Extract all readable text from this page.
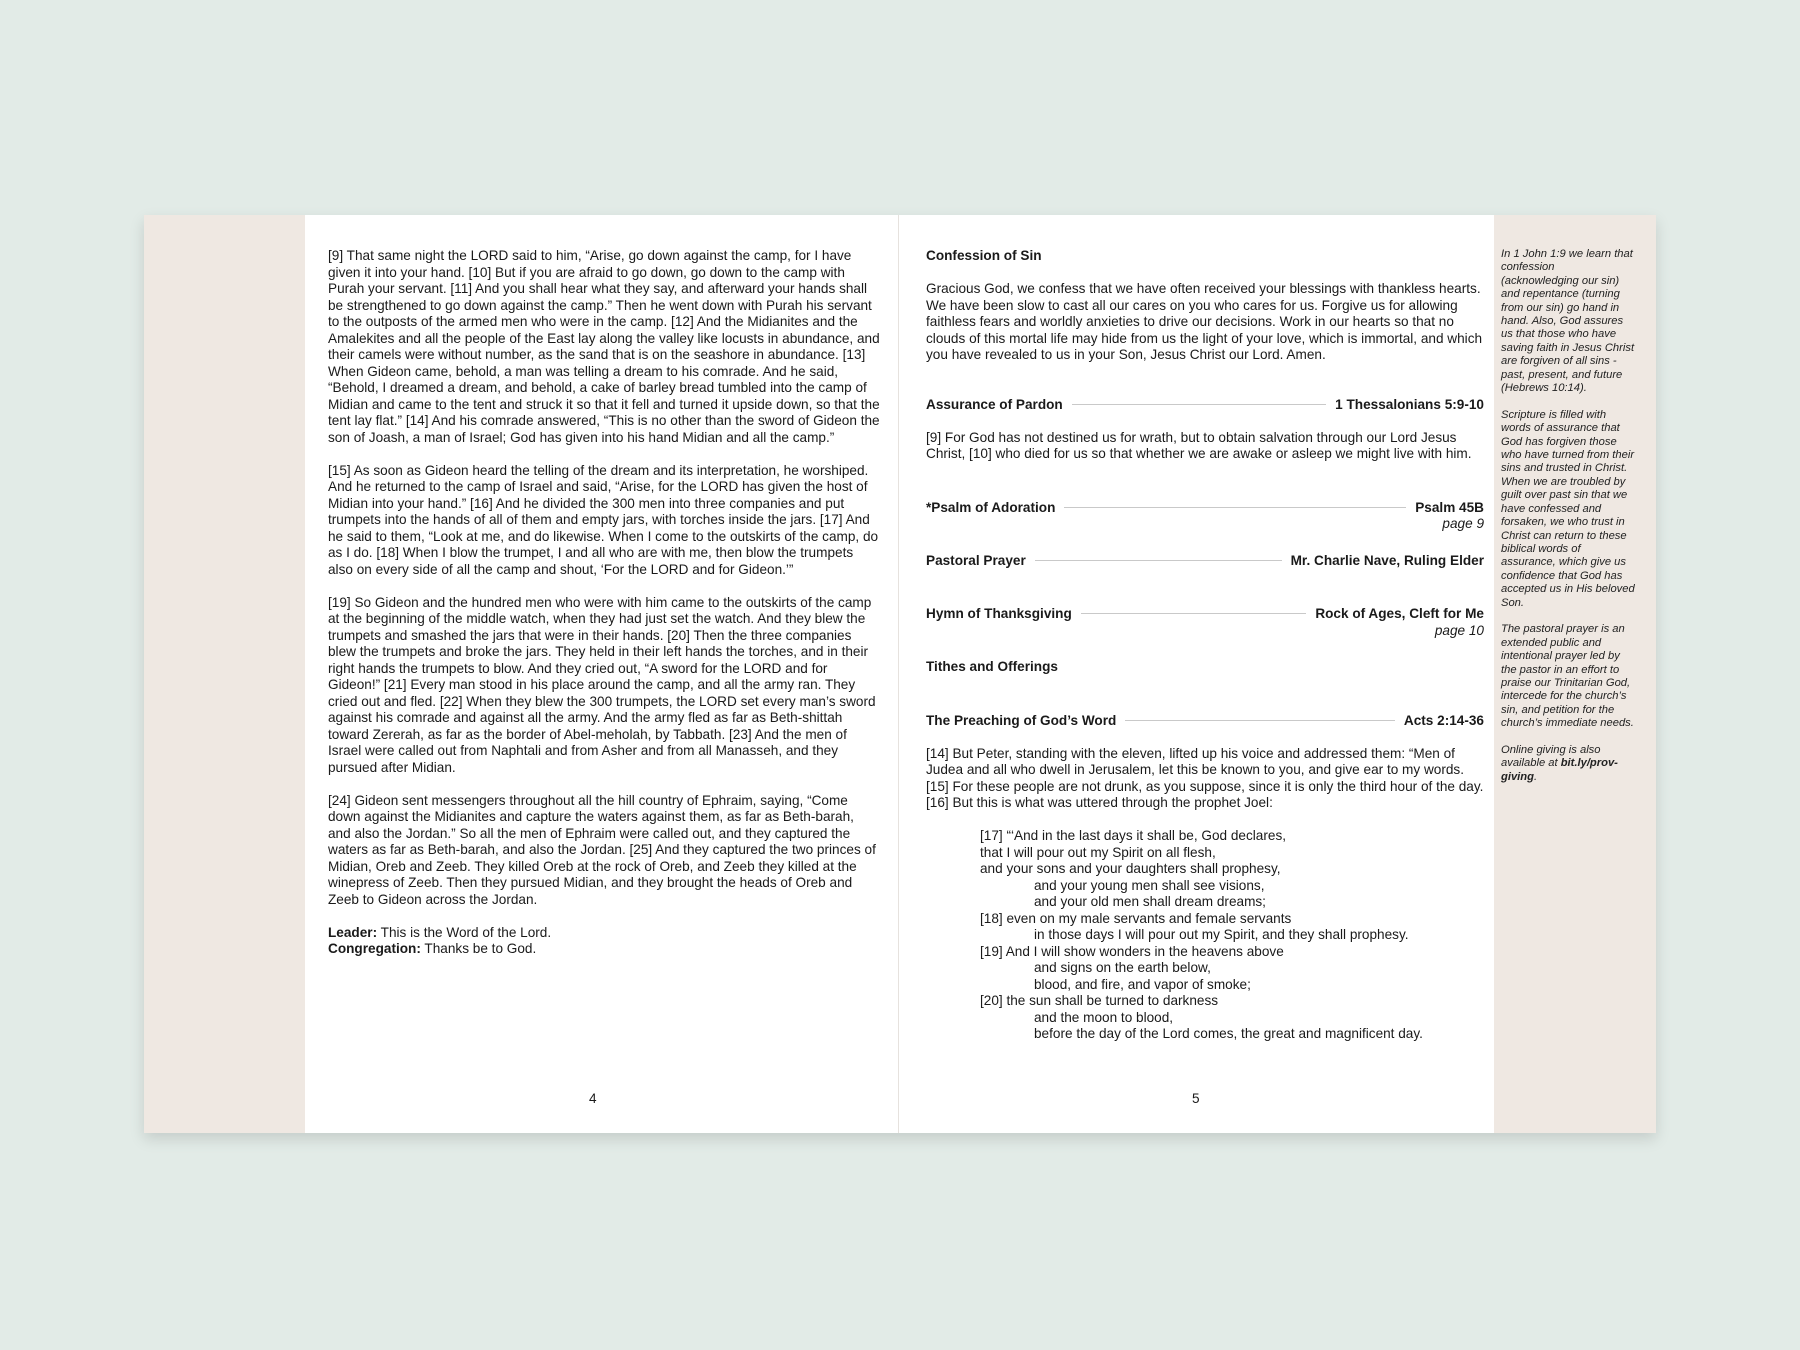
[9] That same night the LORD said to him, “Arise, go down against the camp, for I have given it into your hand. [10] But if you are afraid to go down, go down to the camp with Purah your servant. [11] And you shall hear what they say, and afterward your hands shall be strengthened to go down against the camp.” Then he went down with Purah his servant to the outposts of the armed men who were in the camp. [12] And the Midianites and the Amalekites and all the people of the East lay along the valley like locusts in abundance, and their camels were without number, as the sand that is on the seashore in abundance. [13] When Gideon came, behold, a man was telling a dream to his comrade. And he said, “Behold, I dreamed a dream, and behold, a cake of barley bread tumbled into the camp of Midian and came to the tent and struck it so that it fell and turned it upside down, so that the tent lay flat.” [14] And his comrade answered, “This is no other than the sword of Gideon the son of Joash, a man of Israel; God has given into his hand Midian and all the camp.”

[15] As soon as Gideon heard the telling of the dream and its interpretation, he worshiped. And he returned to the camp of Israel and said, “Arise, for the LORD has given the host of Midian into your hand.” [16] And he divided the 300 men into three companies and put trumpets into the hands of all of them and empty jars, with torches inside the jars. [17] And he said to them, “Look at me, and do likewise. When I come to the outskirts of the camp, do as I do. [18] When I blow the trumpet, I and all who are with me, then blow the trumpets also on every side of all the camp and shout, ‘For the LORD and for Gideon.’”

[19] So Gideon and the hundred men who were with him came to the outskirts of the camp at the beginning of the middle watch, when they had just set the watch. And they blew the trumpets and smashed the jars that were in their hands. [20] Then the three companies blew the trumpets and broke the jars. They held in their left hands the torches, and in their right hands the trumpets to blow. And they cried out, “A sword for the LORD and for Gideon!” [21] Every man stood in his place around the camp, and all the army ran. They cried out and fled. [22] When they blew the 300 trumpets, the LORD set every man’s sword against his comrade and against all the army. And the army fled as far as Beth-shittah toward Zererah, as far as the border of Abel-meholah, by Tabbath. [23] And the men of Israel were called out from Naphtali and from Asher and from all Manasseh, and they pursued after Midian.

[24] Gideon sent messengers throughout all the hill country of Ephraim, saying, “Come down against the Midianites and capture the waters against them, as far as Beth-barah, and also the Jordan.” So all the men of Ephraim were called out, and they captured the waters as far as Beth-barah, and also the Jordan. [25] And they captured the two princes of Midian, Oreb and Zeeb. They killed Oreb at the rock of Oreb, and Zeeb they killed at the winepress of Zeeb. Then they pursued Midian, and they brought the heads of Oreb and Zeeb to Gideon across the Jordan.

Leader: This is the Word of the Lord.
Congregation: Thanks be to God.
4
Confession of Sin
Gracious God, we confess that we have often received your blessings with thankless hearts. We have been slow to cast all our cares on you who cares for us. Forgive us for allowing faithless fears and worldly anxieties to drive our decisions. Work in our hearts so that no clouds of this mortal life may hide from us the light of your love, which is immortal, and which you have revealed to us in your Son, Jesus Christ our Lord. Amen.
Assurance of Pardon	1 Thessalonians 5:9-10
[9] For God has not destined us for wrath, but to obtain salvation through our Lord Jesus Christ, [10] who died for us so that whether we are awake or asleep we might live with him.
*Psalm of Adoration	Psalm 45B
page 9
Pastoral Prayer	Mr. Charlie Nave, Ruling Elder
Hymn of Thanksgiving	Rock of Ages, Cleft for Me
page 10
Tithes and Offerings
The Preaching of God’s Word	Acts 2:14-36
[14] But Peter, standing with the eleven, lifted up his voice and addressed them: “Men of Judea and all who dwell in Jerusalem, let this be known to you, and give ear to my words. [15] For these people are not drunk, as you suppose, since it is only the third hour of the day. [16] But this is what was uttered through the prophet Joel:
[17] “‘And in the last days it shall be, God declares,
that I will pour out my Spirit on all flesh,
and your sons and your daughters shall prophesy,
and your young men shall see visions,
and your old men shall dream dreams;
[18] even on my male servants and female servants
in those days I will pour out my Spirit, and they shall prophesy.
[19] And I will show wonders in the heavens above
and signs on the earth below,
blood, and fire, and vapor of smoke;
[20] the sun shall be turned to darkness
and the moon to blood,
before the day of the Lord comes, the great and magnificent day.
5

In 1 John 1:9 we learn that confession (acknowledging our sin) and repentance (turning from our sin) go hand in hand. Also, God assures us that those who have saving faith in Jesus Christ are forgiven of all sins - past, present, and future (Hebrews 10:14).

Scripture is filled with words of assurance that God has forgiven those who have turned from their sins and trusted in Christ. When we are troubled by guilt over past sin that we have confessed and forsaken, we who trust in Christ can return to these biblical words of assurance, which give us confidence that God has accepted us in His beloved Son.

The pastoral prayer is an extended public and intentional prayer led by the pastor in an effort to praise our Trinitarian God, intercede for the church’s sin, and petition for the church’s immediate needs.

Online giving is also available at bit.ly/prov-giving.
